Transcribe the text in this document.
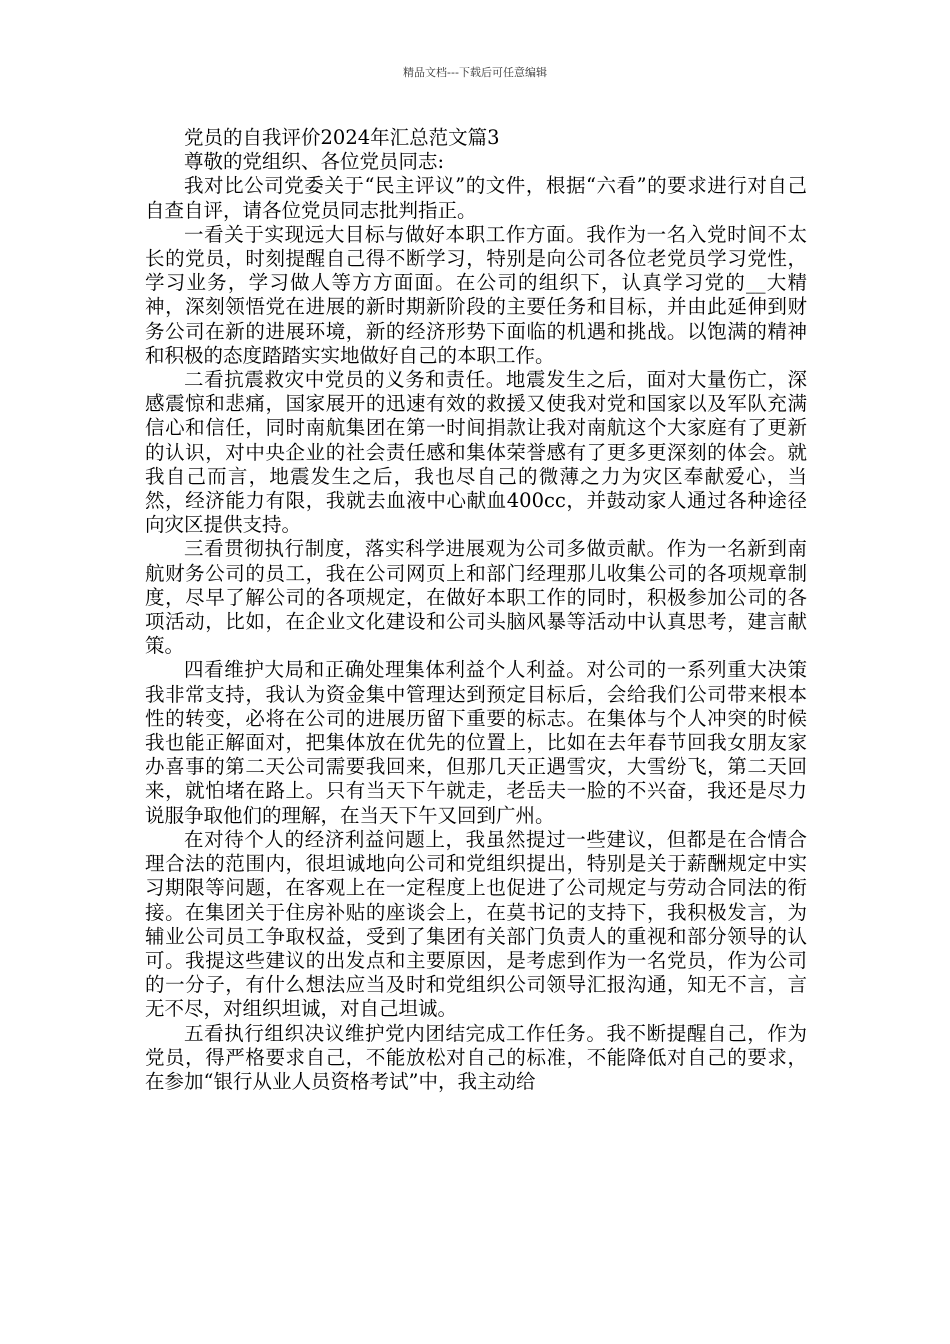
精品文档---下载后可任意编辑

党员的自我评价2024年汇总范文篇3

尊敬的党组织、各位党员同志:

我对比公司党委关于“民主评议”的文件，根据“六看”的要求进行对自己自查自评，请各位党员同志批判指正。

一看关于实现远大目标与做好本职工作方面。我作为一名入党时间不太长的党员，时刻提醒自己得不断学习，特别是向公司各位老党员学习党性，学习业务，学习做人等方方面面。在公司的组织下，认真学习党的__大精神，深刻领悟党在进展的新时期新阶段的主要任务和目标，并由此延伸到财务公司在新的进展环境，新的经济形势下面临的机遇和挑战。以饱满的精神和积极的态度踏踏实实地做好自己的本职工作。

二看抗震救灾中党员的义务和责任。地震发生之后，面对大量伤亡，深感震惊和悲痛，国家展开的迅速有效的救援又使我对党和国家以及军队充满信心和信任，同时南航集团在第一时间捐款让我对南航这个大家庭有了更新的认识，对中央企业的社会责任感和集体荣誉感有了更多更深刻的体会。就我自己而言，地震发生之后，我也尽自己的微薄之力为灾区奉献爱心，当然，经济能力有限，我就去血液中心献血400cc，并鼓动家人通过各种途径向灾区提供支持。

三看贯彻执行制度，落实科学进展观为公司多做贡献。作为一名新到南航财务公司的员工，我在公司网页上和部门经理那儿收集公司的各项规章制度，尽早了解公司的各项规定，在做好本职工作的同时，积极参加公司的各项活动，比如，在企业文化建设和公司头脑风暴等活动中认真思考，建言献策。

四看维护大局和正确处理集体利益个人利益。对公司的一系列重大决策我非常支持，我认为资金集中管理达到预定目标后，会给我们公司带来根本性的转变，必将在公司的进展历留下重要的标志。在集体与个人冲突的时候我也能正解面对，把集体放在优先的位置上，比如在去年春节回我女朋友家办喜事的第二天公司需要我回来，但那几天正遇雪灾，大雪纷飞，第二天回来，就怕堵在路上。只有当天下午就走，老岳夫一脸的不兴奋，我还是尽力说服争取他们的理解，在当天下午又回到广州。

在对待个人的经济利益问题上，我虽然提过一些建议，但都是在合情合理合法的范围内，很坦诚地向公司和党组织提出，特别是关于薪酬规定中实习期限等问题，在客观上在一定程度上也促进了公司规定与劳动合同法的衔接。在集团关于住房补贴的座谈会上，在莫书记的支持下，我积极发言，为辅业公司员工争取权益，受到了集团有关部门负责人的重视和部分领导的认可。我提这些建议的出发点和主要原因，是考虑到作为一名党员，作为公司的一分子，有什么想法应当及时和党组织公司领导汇报沟通，知无不言，言无不尽，对组织坦诚，对自己坦诚。

五看执行组织决议维护党内团结完成工作任务。我不断提醒自己，作为党员，得严格要求自己，不能放松对自己的标准，不能降低对自己的要求，在参加“银行从业人员资格考试”中，我主动给
